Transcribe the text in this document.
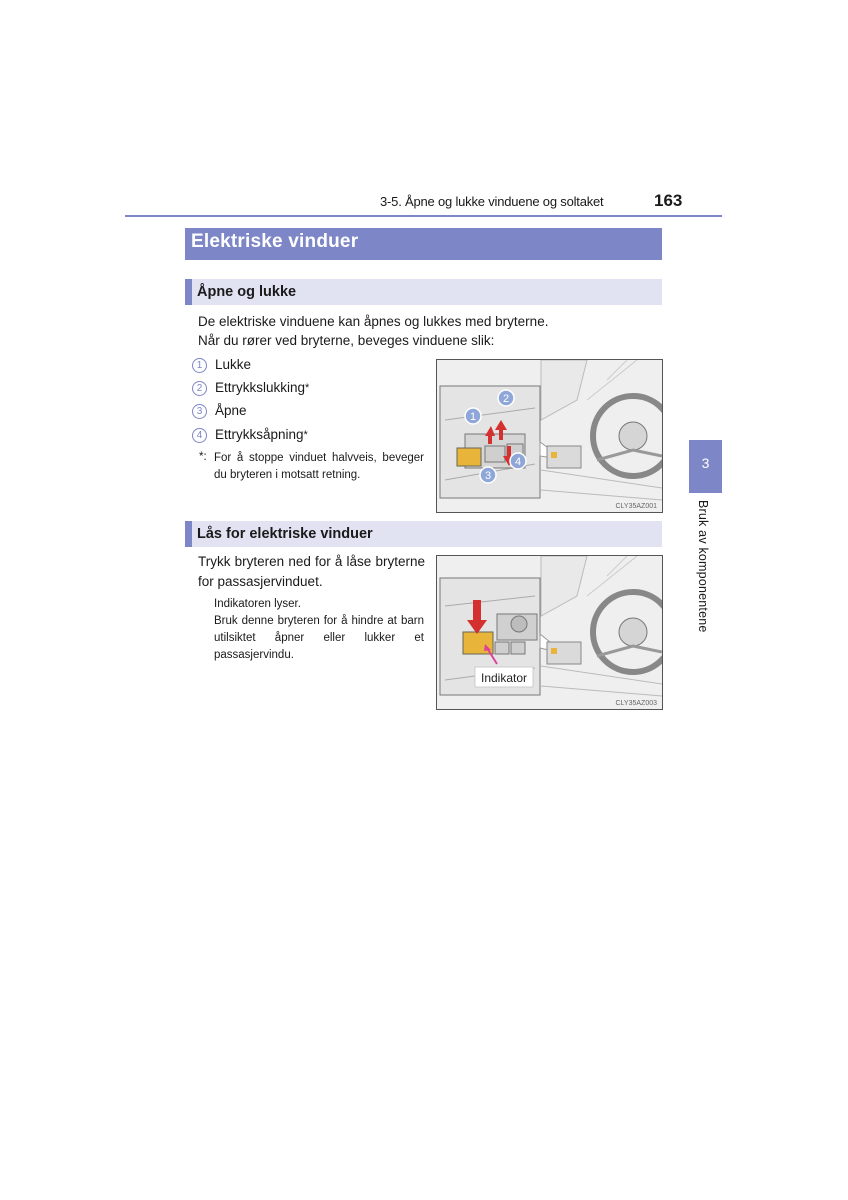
3-5. Åpne og lukke vinduene og soltaket	163
Elektriske vinduer
Åpne og lukke
De elektriske vinduene kan åpnes og lukkes med bryterne.
Når du rører ved bryterne, beveges vinduene slik:
1 Lukke
2 Ettrykkslukking *
3 Åpne
4 Ettrykksåpning *
*: For å stoppe vinduet halvveis, beveger du bryteren i motsatt retning.
1
2
3
4
CLY35AZ001
Lås for elektriske vinduer
Trykk bryteren ned for å låse bryterne for passasjervinduet.
Indikatoren lyser.
Bruk denne bryteren for å hindre at barn utilsiktet åpner eller lukker et passasjervindu.
Indikator
CLY35AZ003
3
Bruk av komponentene
